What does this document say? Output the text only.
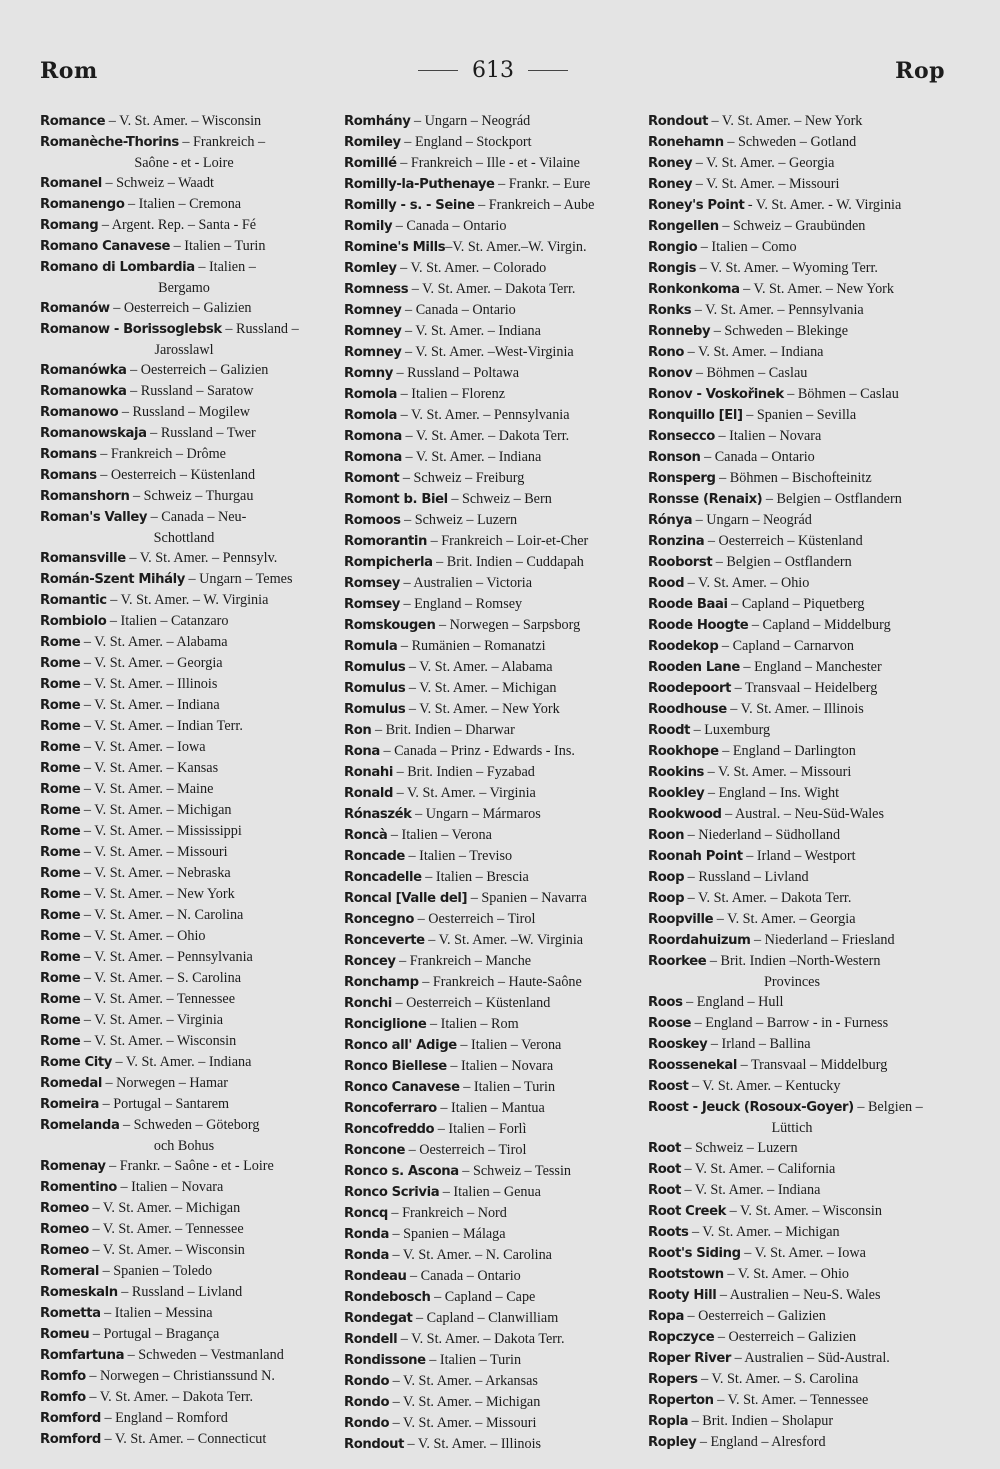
Rom	613	Rop
Romance – V. St. Amer. – Wisconsin
Romanèche-Thorins – Frankreich –
Saône - et - Loire
Romanel – Schweiz – Waadt
Romanengo – Italien – Cremona
Romang – Argent. Rep. – Santa - Fé
Romano Canavese – Italien – Turin
Romano di Lombardia – Italien –
Bergamo
Romanów – Oesterreich – Galizien
Romanow - Borissoglebsk – Russland –
Jarosslawl
Romanówka – Oesterreich – Galizien
Romanowka – Russland – Saratow
Romanowo – Russland – Mogilew
Romanowskaja – Russland – Twer
Romans – Frankreich – Drôme
Romans – Oesterreich – Küstenland
Romanshorn – Schweiz – Thurgau
Roman's Valley – Canada – Neu-
Schottland
Romansville – V. St. Amer. – Pennsylv.
Román-Szent Mihály – Ungarn – Temes
Romantic – V. St. Amer. – W. Virginia
Rombiolo – Italien – Catanzaro
Rome – V. St. Amer. – Alabama
Rome – V. St. Amer. – Georgia
Rome – V. St. Amer. – Illinois
Rome – V. St. Amer. – Indiana
Rome – V. St. Amer. – Indian Terr.
Rome – V. St. Amer. – Iowa
Rome – V. St. Amer. – Kansas
Rome – V. St. Amer. – Maine
Rome – V. St. Amer. – Michigan
Rome – V. St. Amer. – Mississippi
Rome – V. St. Amer. – Missouri
Rome – V. St. Amer. – Nebraska
Rome – V. St. Amer. – New York
Rome – V. St. Amer. – N. Carolina
Rome – V. St. Amer. – Ohio
Rome – V. St. Amer. – Pennsylvania
Rome – V. St. Amer. – S. Carolina
Rome – V. St. Amer. – Tennessee
Rome – V. St. Amer. – Virginia
Rome – V. St. Amer. – Wisconsin
Rome City – V. St. Amer. – Indiana
Romedal – Norwegen – Hamar
Romeira – Portugal – Santarem
Romelanda – Schweden – Göteborg
och Bohus
Romenay – Frankr. – Saône - et - Loire
Romentino – Italien – Novara
Romeo – V. St. Amer. – Michigan
Romeo – V. St. Amer. – Tennessee
Romeo – V. St. Amer. – Wisconsin
Romeral – Spanien – Toledo
Romeskaln – Russland – Livland
Rometta – Italien – Messina
Romeu – Portugal – Bragança
Romfartuna – Schweden – Vestmanland
Romfo – Norwegen – Christianssund N.
Romfo – V. St. Amer. – Dakota Terr.
Romford – England – Romford
Romford – V. St. Amer. – Connecticut
Romhány – Ungarn – Neográd
Romiley – England – Stockport
Romillé – Frankreich – Ille - et - Vilaine
Romilly-la-Puthenaye – Frankr. – Eure
Romilly - s. - Seine – Frankreich – Aube
Romily – Canada – Ontario
Romine's Mills–V. St. Amer.–W. Virgin.
Romley – V. St. Amer. – Colorado
Romness – V. St. Amer. – Dakota Terr.
Romney – Canada – Ontario
Romney – V. St. Amer. – Indiana
Romney – V. St. Amer. –West-Virginia
Romny – Russland – Poltawa
Romola – Italien – Florenz
Romola – V. St. Amer. – Pennsylvania
Romona – V. St. Amer. – Dakota Terr.
Romona – V. St. Amer. – Indiana
Romont – Schweiz – Freiburg
Romont b. Biel – Schweiz – Bern
Romoos – Schweiz – Luzern
Romorantin – Frankreich – Loir-et-Cher
Rompicherla – Brit. Indien – Cuddapah
Romsey – Australien – Victoria
Romsey – England – Romsey
Romskougen – Norwegen – Sarpsborg
Romula – Rumänien – Romanatzi
Romulus – V. St. Amer. – Alabama
Romulus – V. St. Amer. – Michigan
Romulus – V. St. Amer. – New York
Ron – Brit. Indien – Dharwar
Rona – Canada – Prinz - Edwards - Ins.
Ronahi – Brit. Indien – Fyzabad
Ronald – V. St. Amer. – Virginia
Rónaszék – Ungarn – Mármaros
Roncà – Italien – Verona
Roncade – Italien – Treviso
Roncadelle – Italien – Brescia
Roncal [Valle del] – Spanien – Navarra
Roncegno – Oesterreich – Tirol
Ronceverte – V. St. Amer. –W. Virginia
Roncey – Frankreich – Manche
Ronchamp – Frankreich – Haute-Saône
Ronchi – Oesterreich – Küstenland
Ronciglione – Italien – Rom
Ronco all' Adige – Italien – Verona
Ronco Biellese – Italien – Novara
Ronco Canavese – Italien – Turin
Roncoferraro – Italien – Mantua
Roncofreddo – Italien – Forlì
Roncone – Oesterreich – Tirol
Ronco s. Ascona – Schweiz – Tessin
Ronco Scrivia – Italien – Genua
Roncq – Frankreich – Nord
Ronda – Spanien – Málaga
Ronda – V. St. Amer. – N. Carolina
Rondeau – Canada – Ontario
Rondebosch – Capland – Cape
Rondegat – Capland – Clanwilliam
Rondell – V. St. Amer. – Dakota Terr.
Rondissone – Italien – Turin
Rondo – V. St. Amer. – Arkansas
Rondo – V. St. Amer. – Michigan
Rondo – V. St. Amer. – Missouri
Rondout – V. St. Amer. – Illinois
Rondout – V. St. Amer. – New York
Ronehamn – Schweden – Gotland
Roney – V. St. Amer. – Georgia
Roney – V. St. Amer. – Missouri
Roney's Point - V. St. Amer. - W. Virginia
Rongellen – Schweiz – Graubünden
Rongio – Italien – Como
Rongis – V. St. Amer. – Wyoming Terr.
Ronkonkoma – V. St. Amer. – New York
Ronks – V. St. Amer. – Pennsylvania
Ronneby – Schweden – Blekinge
Rono – V. St. Amer. – Indiana
Ronov – Böhmen – Caslau
Ronov - Voskořinek – Böhmen – Caslau
Ronquillo [El] – Spanien – Sevilla
Ronsecco – Italien – Novara
Ronson – Canada – Ontario
Ronsperg – Böhmen – Bischofteinitz
Ronsse (Renaix) – Belgien – Ostflandern
Rónya – Ungarn – Neográd
Ronzina – Oesterreich – Küstenland
Rooborst – Belgien – Ostflandern
Rood – V. St. Amer. – Ohio
Roode Baai – Capland – Piquetberg
Roode Hoogte – Capland – Middelburg
Roodekop – Capland – Carnarvon
Rooden Lane – England – Manchester
Roodepoort – Transvaal – Heidelberg
Roodhouse – V. St. Amer. – Illinois
Roodt – Luxemburg
Rookhope – England – Darlington
Rookins – V. St. Amer. – Missouri
Rookley – England – Ins. Wight
Rookwood – Austral. – Neu-Süd-Wales
Roon – Niederland – Südholland
Roonah Point – Irland – Westport
Roop – Russland – Livland
Roop – V. St. Amer. – Dakota Terr.
Roopville – V. St. Amer. – Georgia
Roordahuizum – Niederland – Friesland
Roorkee – Brit. Indien –North-Western
Provinces
Roos – England – Hull
Roose – England – Barrow - in - Furness
Rooskey – Irland – Ballina
Roossenekal – Transvaal – Middelburg
Roost – V. St. Amer. – Kentucky
Roost - Jeuck (Rosoux-Goyer) – Belgien –
Lüttich
Root – Schweiz – Luzern
Root – V. St. Amer. – California
Root – V. St. Amer. – Indiana
Root Creek – V. St. Amer. – Wisconsin
Roots – V. St. Amer. – Michigan
Root's Siding – V. St. Amer. – Iowa
Rootstown – V. St. Amer. – Ohio
Rooty Hill – Australien – Neu-S. Wales
Ropa – Oesterreich – Galizien
Ropczyce – Oesterreich – Galizien
Roper River – Australien – Süd-Austral.
Ropers – V. St. Amer. – S. Carolina
Roperton – V. St. Amer. – Tennessee
Ropla – Brit. Indien – Sholapur
Ropley – England – Alresford
